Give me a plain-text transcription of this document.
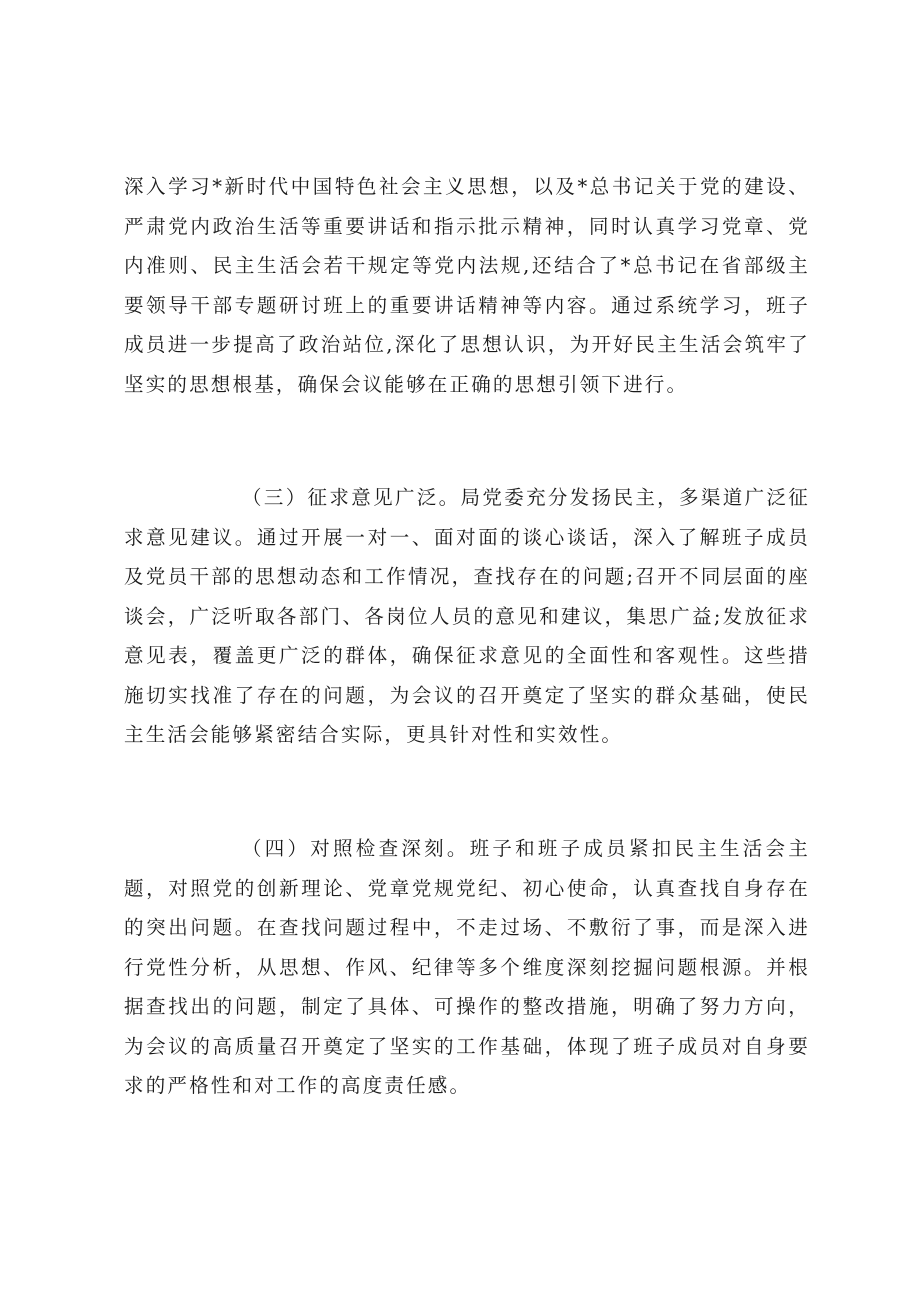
深入学习*新时代中国特色社会主义思想，以及*总书记关于党的建设、严肃党内政治生活等重要讲话和指示批示精神，同时认真学习党章、党内准则、民主生活会若干规定等党内法规,还结合了*总书记在省部级主要领导干部专题研讨班上的重要讲话精神等内容。通过系统学习，班子成员进一步提高了政治站位,深化了思想认识，为开好民主生活会筑牢了坚实的思想根基，确保会议能够在正确的思想引领下进行。

（三）征求意见广泛。局党委充分发扬民主，多渠道广泛征求意见建议。通过开展一对一、面对面的谈心谈话，深入了解班子成员及党员干部的思想动态和工作情况，查找存在的问题;召开不同层面的座谈会，广泛听取各部门、各岗位人员的意见和建议，集思广益;发放征求意见表，覆盖更广泛的群体，确保征求意见的全面性和客观性。这些措施切实找准了存在的问题，为会议的召开奠定了坚实的群众基础，使民主生活会能够紧密结合实际，更具针对性和实效性。

（四）对照检查深刻。班子和班子成员紧扣民主生活会主题，对照党的创新理论、党章党规党纪、初心使命，认真查找自身存在的突出问题。在查找问题过程中，不走过场、不敷衍了事，而是深入进行党性分析，从思想、作风、纪律等多个维度深刻挖掘问题根源。并根据查找出的问题，制定了具体、可操作的整改措施，明确了努力方向，为会议的高质量召开奠定了坚实的工作基础，体现了班子成员对自身要求的严格性和对工作的高度责任感。
